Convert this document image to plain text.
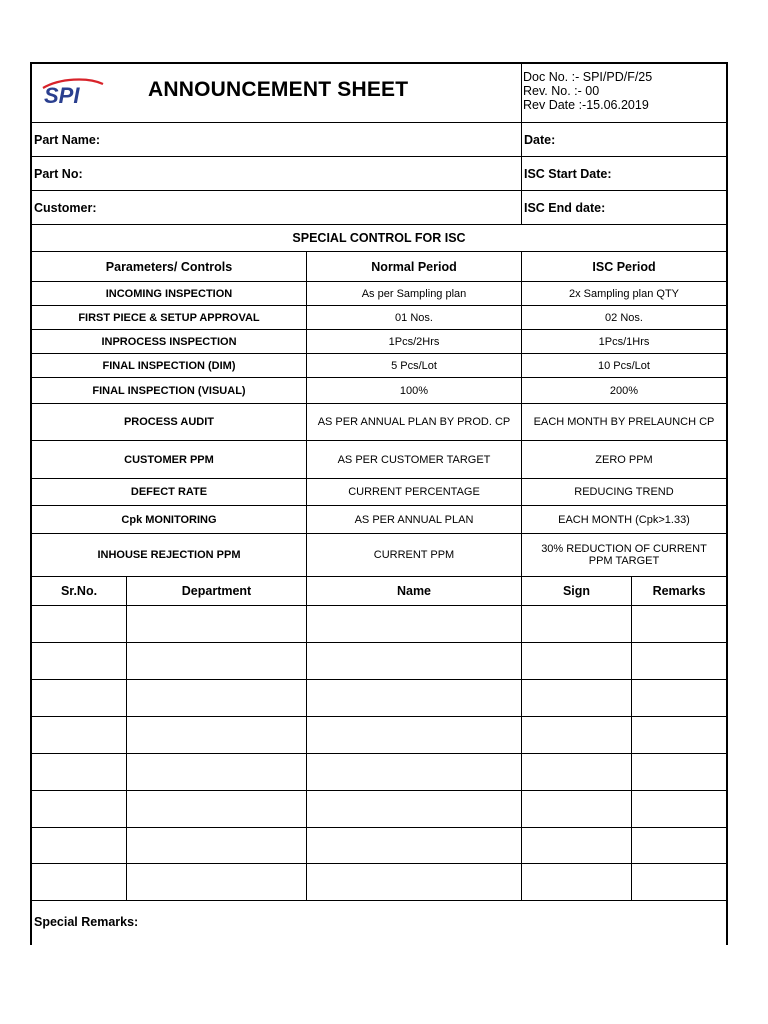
SPI	ANNOUNCEMENT SHEET
Doc No. :- SPI/PD/F/25
Rev. No. :- 00
Rev Date :-15.06.2019
Part Name:	Date:
Part No:	ISC Start Date:
Customer:	ISC End date:
SPECIAL CONTROL FOR ISC
Parameters/ Controls	Normal Period	ISC Period
INCOMING INSPECTION	As per Sampling plan	2x Sampling plan QTY
FIRST PIECE & SETUP APPROVAL	01 Nos.	02 Nos.
INPROCESS INSPECTION	1Pcs/2Hrs	1Pcs/1Hrs
FINAL INSPECTION (DIM)	5 Pcs/Lot	10 Pcs/Lot
FINAL INSPECTION (VISUAL)	100%	200%
PROCESS AUDIT	AS PER ANNUAL PLAN BY PROD. CP	EACH MONTH BY PRELAUNCH CP
CUSTOMER PPM	AS PER CUSTOMER TARGET	ZERO PPM
DEFECT RATE	CURRENT PERCENTAGE	REDUCING TREND
Cpk MONITORING	AS PER ANNUAL PLAN	EACH MONTH (Cpk>1.33)
INHOUSE REJECTION PPM	CURRENT PPM	30% REDUCTION OF CURRENT PPM TARGET
Sr.No.	Department	Name	Sign	Remarks
Special Remarks:
